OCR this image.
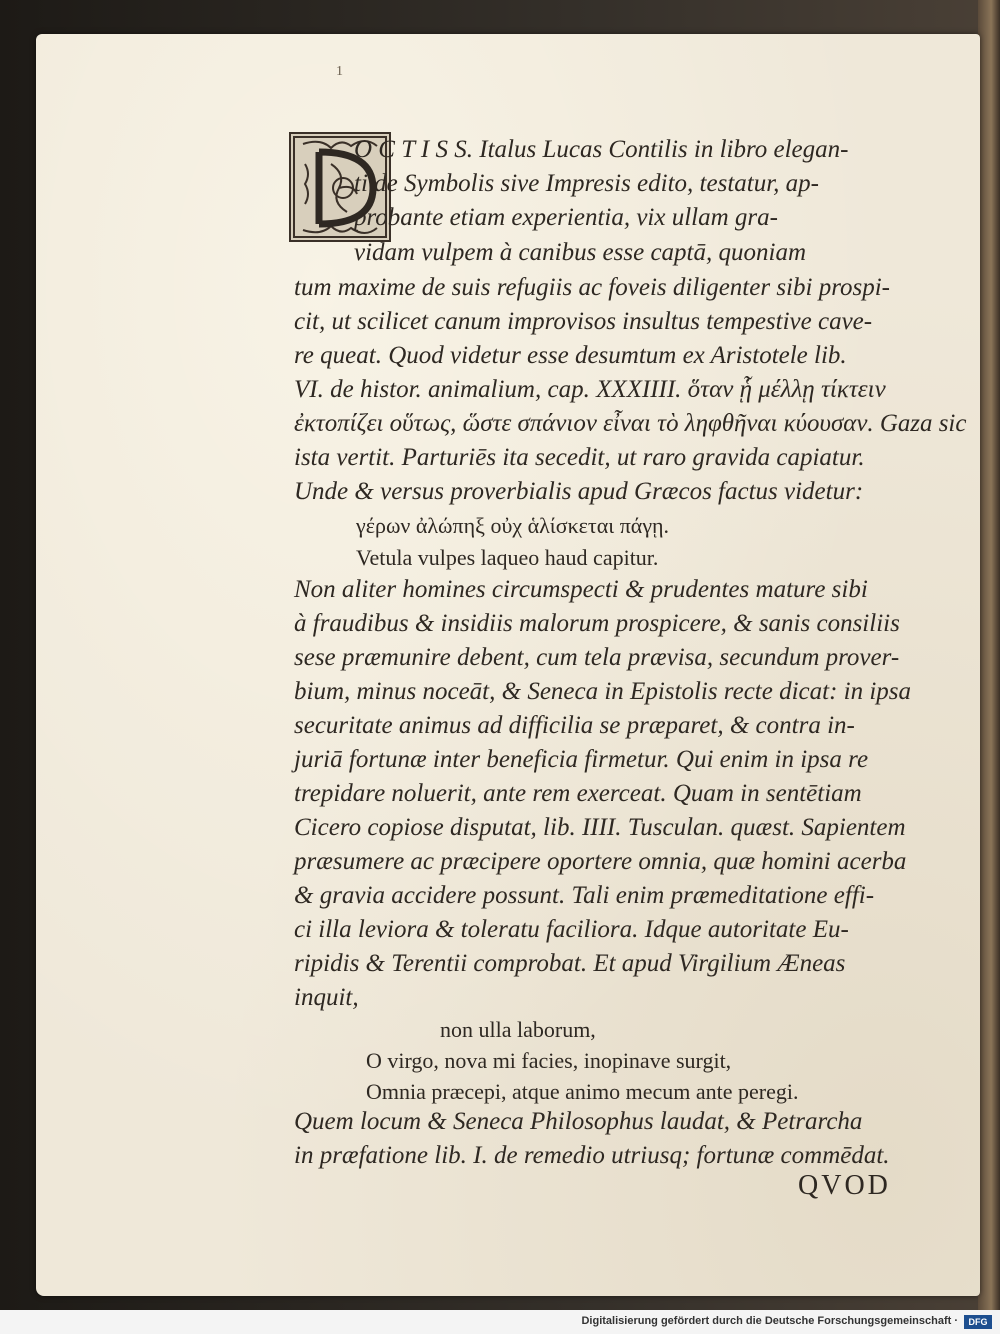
1
O C T I S S. Italus Lucas Contilis in libro elegan-
ti de Symbolis sive Impresis edito, testatur, ap-
probante etiam experientia, vix ullam gra-
vidam vulpem à canibus esse captā, quoniam
tum maxime de suis refugiis ac foveis diligenter sibi prospi-
cit, ut scilicet canum improvisos insultus tempestive cave-
re queat. Quod videtur esse desumtum ex Aristotele lib.
VI. de histor. animalium, cap. XXXIIII. ὅταν ᾗ μέλλῃ τίκτειν
ἐκτοπίζει οὕτως, ὥστε σπάνιον εἶναι τὸ ληφθῆναι κύουσαν. Gaza sic
ista vertit. Parturiēs ita secedit, ut raro gravida capiatur.
Unde & versus proverbialis apud Græcos factus videtur:
γέρων ἀλώπηξ οὐχ ἁλίσκεται πάγῃ.
Vetula vulpes laqueo haud capitur.
Non aliter homines circumspecti & prudentes mature sibi
à fraudibus & insidiis malorum prospicere, & sanis consiliis
sese præmunire debent, cum tela prævisa, secundum prover-
bium, minus noceāt, & Seneca in Epistolis recte dicat: in ipsa
securitate animus ad difficilia se præparet, & contra in-
juriā fortunæ inter beneficia firmetur. Qui enim in ipsa re
trepidare noluerit, ante rem exerceat. Quam in sentētiam
Cicero copiose disputat, lib. IIII. Tusculan. quæst. Sapientem
præsumere ac præcipere oportere omnia, quæ homini acerba
& gravia accidere possunt. Tali enim præmeditatione effi-
ci illa leviora & toleratu faciliora. Idque autoritate Eu-
ripidis & Terentii comprobat. Et apud Virgilium Æneas
inquit,
non ulla laborum,
O virgo, nova mi facies, inopinave surgit,
Omnia præcepi, atque animo mecum ante peregi.
Quem locum & Seneca Philosophus laudat, & Petrarcha
in præfatione lib. I. de remedio utriusq; fortunæ commēdat.
QVOD
Digitalisierung gefördert durch die Deutsche Forschungsgemeinschaft ·	DFG
